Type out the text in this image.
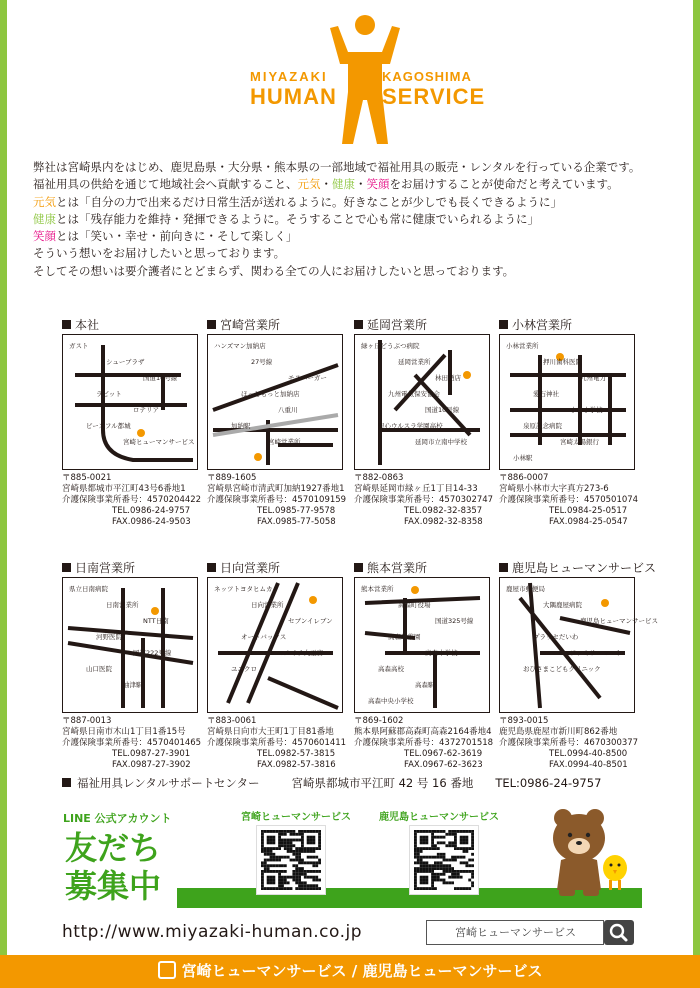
MIYAZAKI
HUMAN
KAGOSHIMA
SERVICE

弊社は宮崎県内をはじめ、鹿児島県・大分県・熊本県の一部地域で福祉用具の販売・レンタルを行っている企業です。

福祉用具の供給を通じて地域社会へ貢献すること、元気・健康・笑顔をお届けすることが使命だと考えています。

元気とは「自分の力で出来るだけ日常生活が送れるように。好きなことが少しでも長くできるように」

健康とは「残存能力を維持・発揮できるように。そうすることで心も常に健康でいられるように」

笑顔とは「笑い・幸せ・前向きに・そして楽しく」

そういう想いをお届けしたいと思っております。

そしてその想いは要介護者にとどまらず、関わる全ての人にお届けしたいと思っております。

本社
ガスト
シューブラザ
国道10号線
ラビット
ロテリア
ピースフル都城
宮崎ヒューマンサービス
〒885-0021
宮崎県都城市平江町43号6番地1
介護保険事業所番号：4570204422
TEL.0986-24-9757
FAX.0986-24-9503
宮崎営業所
ハンズマン加納店
27号線
モスバーガー
ほっともっと加納店
八重川
加納駅
宮崎営業所
〒889-1605
宮崎県宮崎市清武町加納1927番地1
介護保険事業所番号：4570109159
TEL.0985-77-9578
FAX.0985-77-5058
延岡営業所
緑ヶ丘どうぶつ病院
延岡営業所
林田酒店
九州電気保安協会
国道10号線
聖心ウルスラ学園高校
延岡市立南中学校
〒882-0863
宮崎県延岡市緑ヶ丘1丁目14-33
介護保険事業所番号：4570302747
TEL.0982-32-8357
FAX.0982-32-8358
小林営業所
小林営業所
押川歯科医院
九州電力
愛石神社
小林小学校
泉原記念病院
宮崎太陽銀行
小林駅
〒886-0007
宮崎県小林市大字真方273-6
介護保険事業所番号：4570501074
TEL.0984-25-0517
FAX.0984-25-0547
日南営業所
県立日南病院
日南営業所
NTT日南
河野医院
国道222号線
山口医院
油津駅
〒887-0013
宮崎県日南市木山1丁目1番15号
介護保険事業所番号：4570401465
TEL.0987-27-3901
FAX.0987-27-3902
日向営業所
ネッツトヨタヒムカ
日向営業所
セブンイレブン
オートバックス
マルイチ大王店
ユニクロ
〒883-0061
宮崎県日向市大王町1丁目81番地
介護保険事業所番号：4570601411
TEL.0982-57-3815
FAX.0982-57-3816
熊本営業所
熊本営業所
高森町役場
国道325号線
高森幼稚園
高森中学校
高森高校
高森駅
高森中央小学校
〒869-1602
熊本県阿蘇郡高森町高森2164番地4
介護保険事業所番号：4372701518
TEL.0967-62-3619
FAX.0967-62-3623
鹿児島ヒューマンサービス
鹿屋市郵便局
大隅鹿屋病院
鹿児島ヒューマンサービス
プラッセだいわ
ファミリーマート
おひさまこどもクリニック
〒893-0015
鹿児島県鹿屋市新川町862番地
介護保険事業所番号：4670300377
TEL.0994-40-8500
FAX.0994-40-8501
福祉用具レンタルサポートセンター	宮崎県都城市平江町 42 号 16 番地 TEL:0986-24-9757
LINE 公式アカウント
友だち
募集中
宮崎ヒューマンサービス	鹿児島ヒューマンサービス
http://www.miyazaki-human.co.jp	宮崎ヒューマンサービス
宮崎ヒューマンサービス / 鹿児島ヒューマンサービス
